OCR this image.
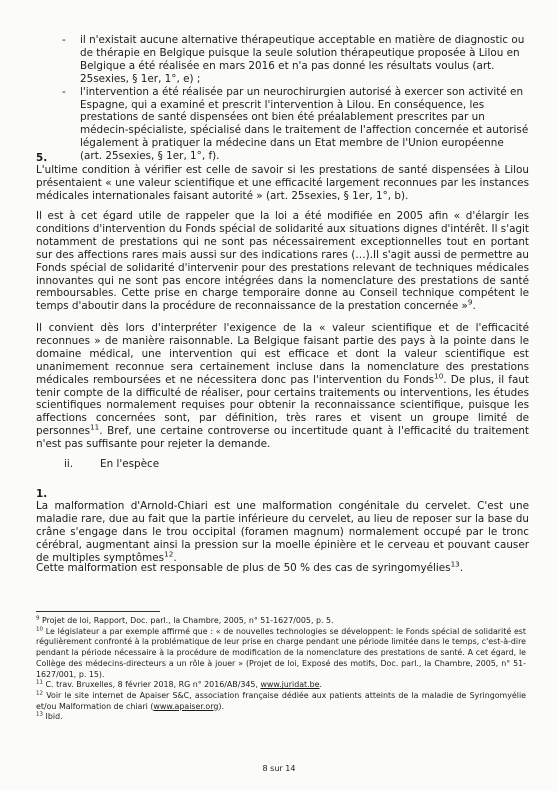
- il n'existait aucune alternative thérapeutique acceptable en matière de diagnostic ou de thérapie en Belgique puisque la seule solution thérapeutique proposée à Lilou en Belgique a été réalisée en mars 2016 et n'a pas donné les résultats voulus (art. 25sexies, § 1er, 1°, e) ;
- l'intervention a été réalisée par un neurochirurgien autorisé à exercer son activité en Espagne, qui a examiné et prescrit l'intervention à Lilou. En conséquence, les prestations de santé dispensées ont bien été préalablement prescrites par un médecin-spécialiste, spécialisé dans le traitement de l'affection concernée et autorisé légalement à pratiquer la médecine dans un Etat membre de l'Union européenne (art. 25sexies, § 1er, 1°, f).
5.

L'ultime condition à vérifier est celle de savoir si les prestations de santé dispensées à Lilou présentaient « une valeur scientifique et une efficacité largement reconnues par les instances médicales internationales faisant autorité » (art. 25sexies, § 1er, 1°, b).

Il est à cet égard utile de rappeler que la loi a été modifiée en 2005 afin « d'élargir les conditions d'intervention du Fonds spécial de solidarité aux situations dignes d'intérêt. Il s'agit notamment de prestations qui ne sont pas nécessairement exceptionnelles tout en portant sur des affections rares mais aussi sur des indications rares (…).Il s'agit aussi de permettre au Fonds spécial de solidarité d'intervenir pour des prestations relevant de techniques médicales innovantes qui ne sont pas encore intégrées dans la nomenclature des prestations de santé remboursables. Cette prise en charge temporaire donne au Conseil technique compétent le temps d'aboutir dans la procédure de reconnaissance de la prestation concernée »$^9$.

Il convient dès lors d'interpréter l'exigence de la « valeur scientifique et de l'efficacité reconnues » de manière raisonnable. La Belgique faisant partie des pays à la pointe dans le domaine médical, une intervention qui est efficace et dont la valeur scientifique est unanimement reconnue sera certainement incluse dans la nomenclature des prestations médicales remboursées et ne nécessitera donc pas l'intervention du Fonds$^{10}$. De plus, il faut tenir compte de la difficulté de réaliser, pour certains traitements ou interventions, les études scientifiques normalement requises pour obtenir la reconnaissance scientifique, puisque les affections concernées sont, par définition, très rares et visent un groupe limité de personnes$^{11}$. Bref, une certaine controverse ou incertitude quant à l'efficacité du traitement n'est pas suffisante pour rejeter la demande.

ii.	En l'espèce
1.

La malformation d'Arnold-Chiari est une malformation congénitale du cervelet. C'est une maladie rare, due au fait que la partie inférieure du cervelet, au lieu de reposer sur la base du crâne s'engage dans le trou occipital (foramen magnum) normalement occupé par le tronc cérébral, augmentant ainsi la pression sur la moelle épinière et le cerveau et pouvant causer de multiples symptômes$^{12}$.

Cette malformation est responsable de plus de 50 % des cas de syringomyélies$^{13}$.

$^9$ Projet de loi, Rapport, Doc. parl., la Chambre, 2005, n° 51-1627/005, p. 5.

$^{10}$ Le législateur a par exemple affirmé que : « de nouvelles technologies se développent: le Fonds spécial de solidarité est régulièrement confronté à la problématique de leur prise en charge pendant une période limitée dans le temps, c'est-à-dire pendant la période nécessaire à la procédure de modification de la nomenclature des prestations de santé. A cet égard, le Collège des médecins-directeurs a un rôle à jouer » (Projet de loi, Exposé des motifs, Doc. parl., la Chambre, 2005, n° 51-1627/001, p. 15).

$^{11}$ C. trav. Bruxelles, 8 février 2018, RG n° 2016/AB/345, www.juridat.be.

$^{12}$ Voir le site internet de Apaiser S&C, association française dédiée aux patients atteints de la maladie de Syringomyélie et/ou Malformation de chiari (www.apaiser.org).

$^{13}$ Ibid.

8 sur 14
